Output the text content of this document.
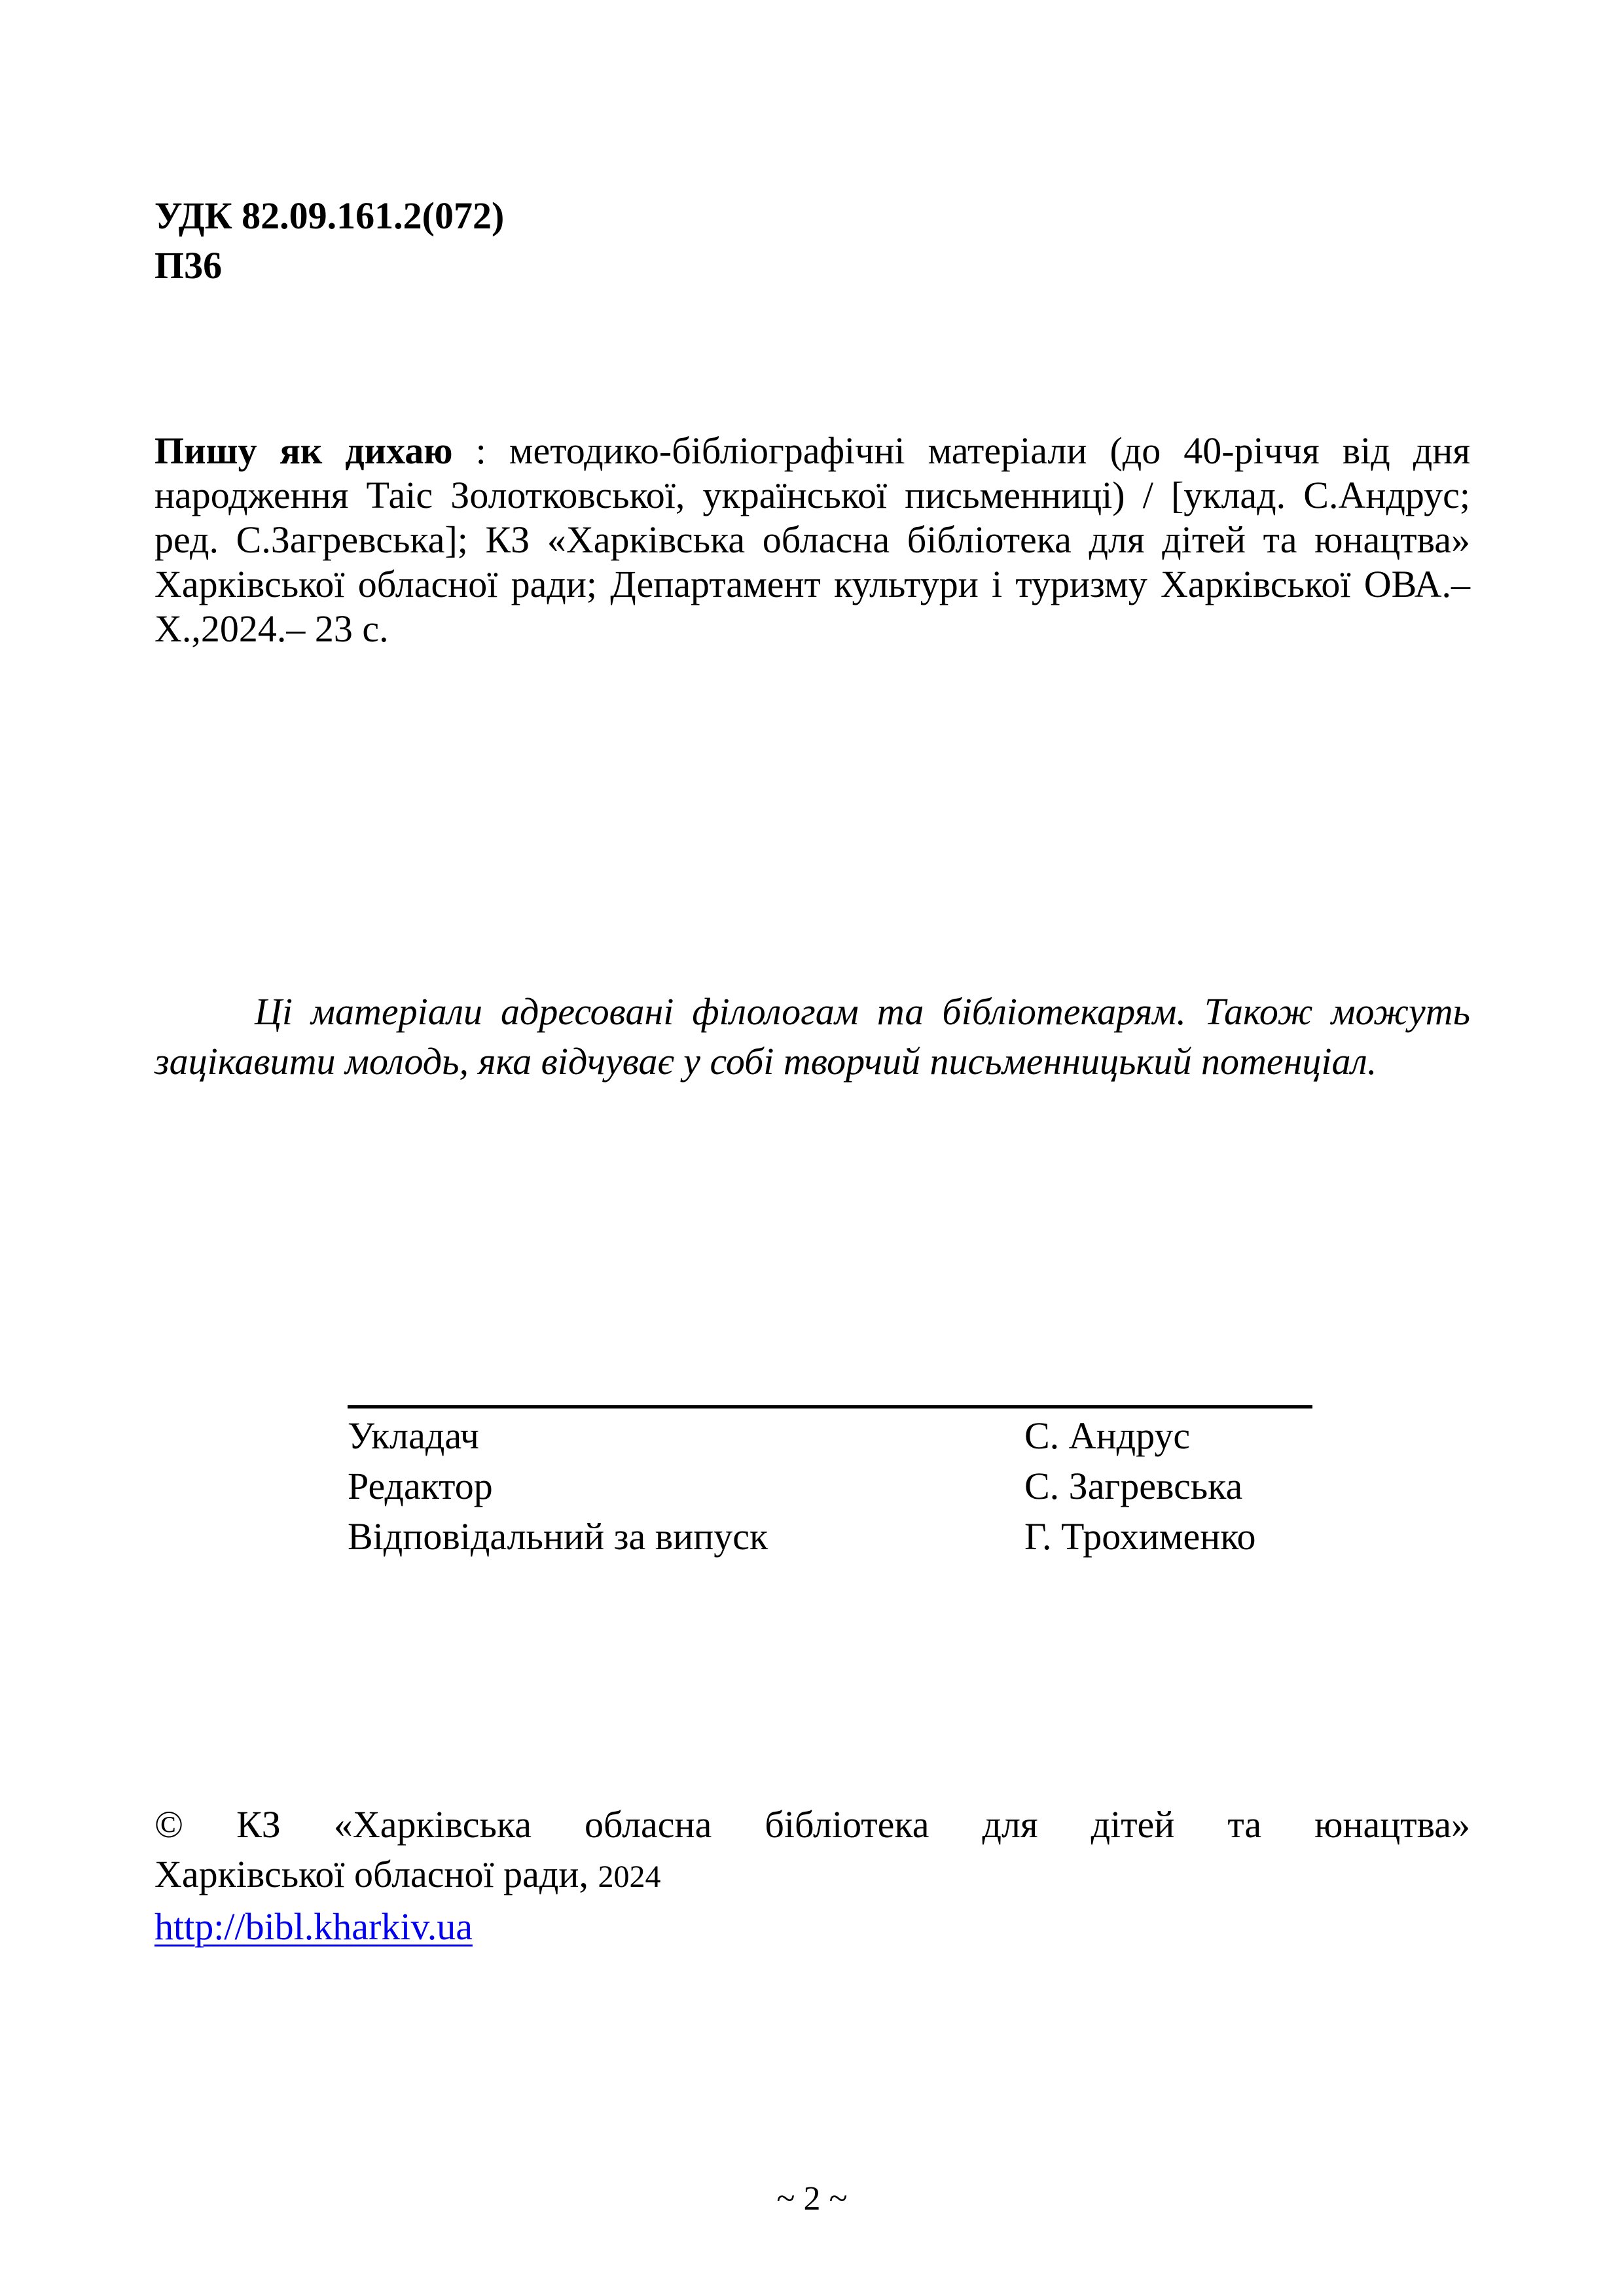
УДК 82.09.161.2(072)
П36
Пишу як дихаю : методико-бібліографічні матеріали (до 40-річчя від дня народження Таіс Золотковської, української письменниці) / [уклад. С.Андрус; ред. С.Загревська]; КЗ «Харківська обласна бібліотека для дітей та юнацтва» Харківської обласної ради; Департамент культури і туризму Харківської ОВА.– Х.,2024.– 23 с.
Ці матеріали адресовані філологам та бібліотекарям. Також можуть зацікавити молодь, яка відчуває у собі творчий письменницький потенціал.
Укладач	С. Андрус
Редактор	С. Загревська
Відповідальний за випуск	Г. Трохименко
© КЗ «Харківська обласна бібліотека для дітей та юнацтва»
Харківської обласної ради, 2024
http://bibl.kharkiv.ua
~ 2 ~
